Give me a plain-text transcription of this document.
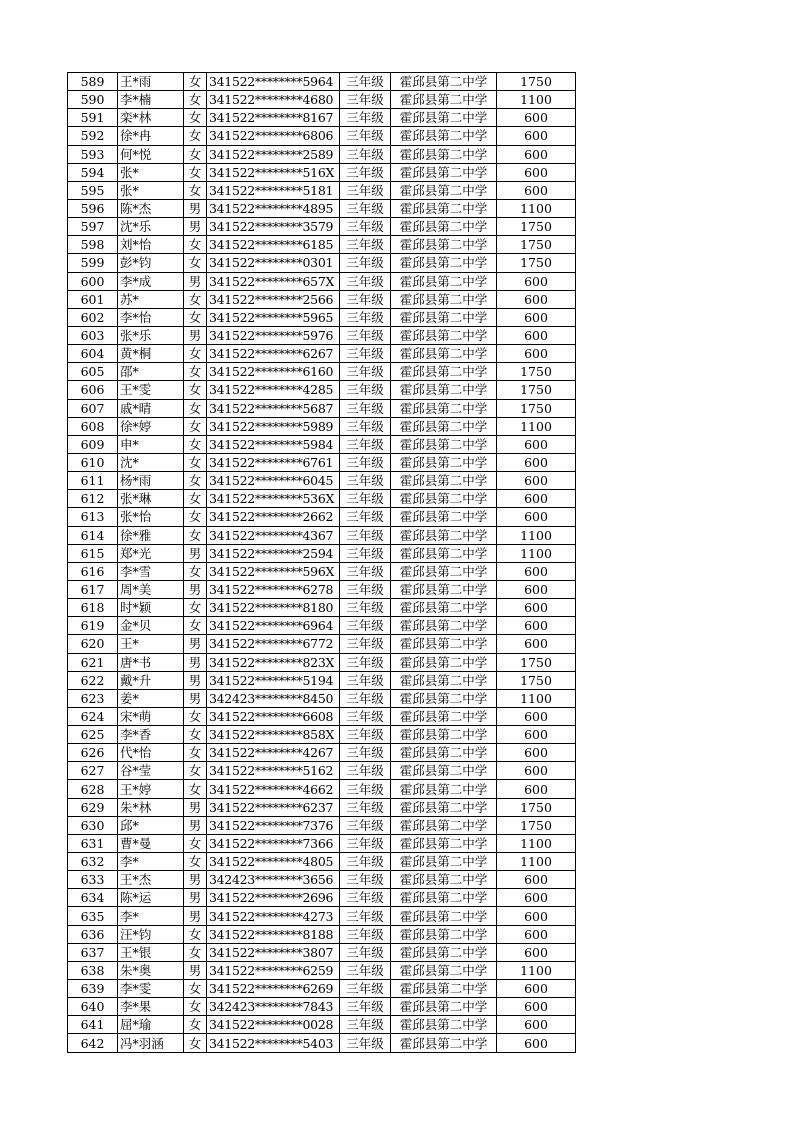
589	王*雨	女	341522********5964	三年级	霍邱县第二中学	1750
590	李*楠	女	341522********4680	三年级	霍邱县第二中学	1100
591	栾*林	女	341522********8167	三年级	霍邱县第二中学	600
592	徐*冉	女	341522********6806	三年级	霍邱县第二中学	600
593	何*悦	女	341522********2589	三年级	霍邱县第二中学	600
594	张*	女	341522********516X	三年级	霍邱县第二中学	600
595	张*	女	341522********5181	三年级	霍邱县第二中学	600
596	陈*杰	男	341522********4895	三年级	霍邱县第二中学	1100
597	沈*乐	男	341522********3579	三年级	霍邱县第二中学	1750
598	刘*怡	女	341522********6185	三年级	霍邱县第二中学	1750
599	彭*钧	女	341522********0301	三年级	霍邱县第二中学	1750
600	李*成	男	341522********657X	三年级	霍邱县第二中学	600
601	苏*	女	341522********2566	三年级	霍邱县第二中学	600
602	李*怡	女	341522********5965	三年级	霍邱县第二中学	600
603	张*乐	男	341522********5976	三年级	霍邱县第二中学	600
604	黄*桐	女	341522********6267	三年级	霍邱县第二中学	600
605	邵*	女	341522********6160	三年级	霍邱县第二中学	1750
606	王*雯	女	341522********4285	三年级	霍邱县第二中学	1750
607	戚*晴	女	341522********5687	三年级	霍邱县第二中学	1750
608	徐*婷	女	341522********5989	三年级	霍邱县第二中学	1100
609	申*	女	341522********5984	三年级	霍邱县第二中学	600
610	沈*	女	341522********6761	三年级	霍邱县第二中学	600
611	杨*雨	女	341522********6045	三年级	霍邱县第二中学	600
612	张*琳	女	341522********536X	三年级	霍邱县第二中学	600
613	张*怡	女	341522********2662	三年级	霍邱县第二中学	600
614	徐*雅	女	341522********4367	三年级	霍邱县第二中学	1100
615	郑*光	男	341522********2594	三年级	霍邱县第二中学	1100
616	李*雪	女	341522********596X	三年级	霍邱县第二中学	600
617	周*美	男	341522********6278	三年级	霍邱县第二中学	600
618	时*颖	女	341522********8180	三年级	霍邱县第二中学	600
619	金*贝	女	341522********6964	三年级	霍邱县第二中学	600
620	王*	男	341522********6772	三年级	霍邱县第二中学	600
621	唐*书	男	341522********823X	三年级	霍邱县第二中学	1750
622	戴*升	男	341522********5194	三年级	霍邱县第二中学	1750
623	姜*	男	342423********8450	三年级	霍邱县第二中学	1100
624	宋*萌	女	341522********6608	三年级	霍邱县第二中学	600
625	李*香	女	341522********858X	三年级	霍邱县第二中学	600
626	代*怡	女	341522********4267	三年级	霍邱县第二中学	600
627	谷*莹	女	341522********5162	三年级	霍邱县第二中学	600
628	王*婷	女	341522********4662	三年级	霍邱县第二中学	600
629	朱*林	男	341522********6237	三年级	霍邱县第二中学	1750
630	邱*	男	341522********7376	三年级	霍邱县第二中学	1750
631	曹*曼	女	341522********7366	三年级	霍邱县第二中学	1100
632	李*	女	341522********4805	三年级	霍邱县第二中学	1100
633	王*杰	男	342423********3656	三年级	霍邱县第二中学	600
634	陈*运	男	341522********2696	三年级	霍邱县第二中学	600
635	李*	男	341522********4273	三年级	霍邱县第二中学	600
636	汪*钧	女	341522********8188	三年级	霍邱县第二中学	600
637	王*银	女	341522********3807	三年级	霍邱县第二中学	600
638	朱*奥	男	341522********6259	三年级	霍邱县第二中学	1100
639	李*雯	女	341522********6269	三年级	霍邱县第二中学	600
640	李*果	女	342423********7843	三年级	霍邱县第二中学	600
641	屈*瑜	女	341522********0028	三年级	霍邱县第二中学	600
642	冯*羽涵	女	341522********5403	三年级	霍邱县第二中学	600
